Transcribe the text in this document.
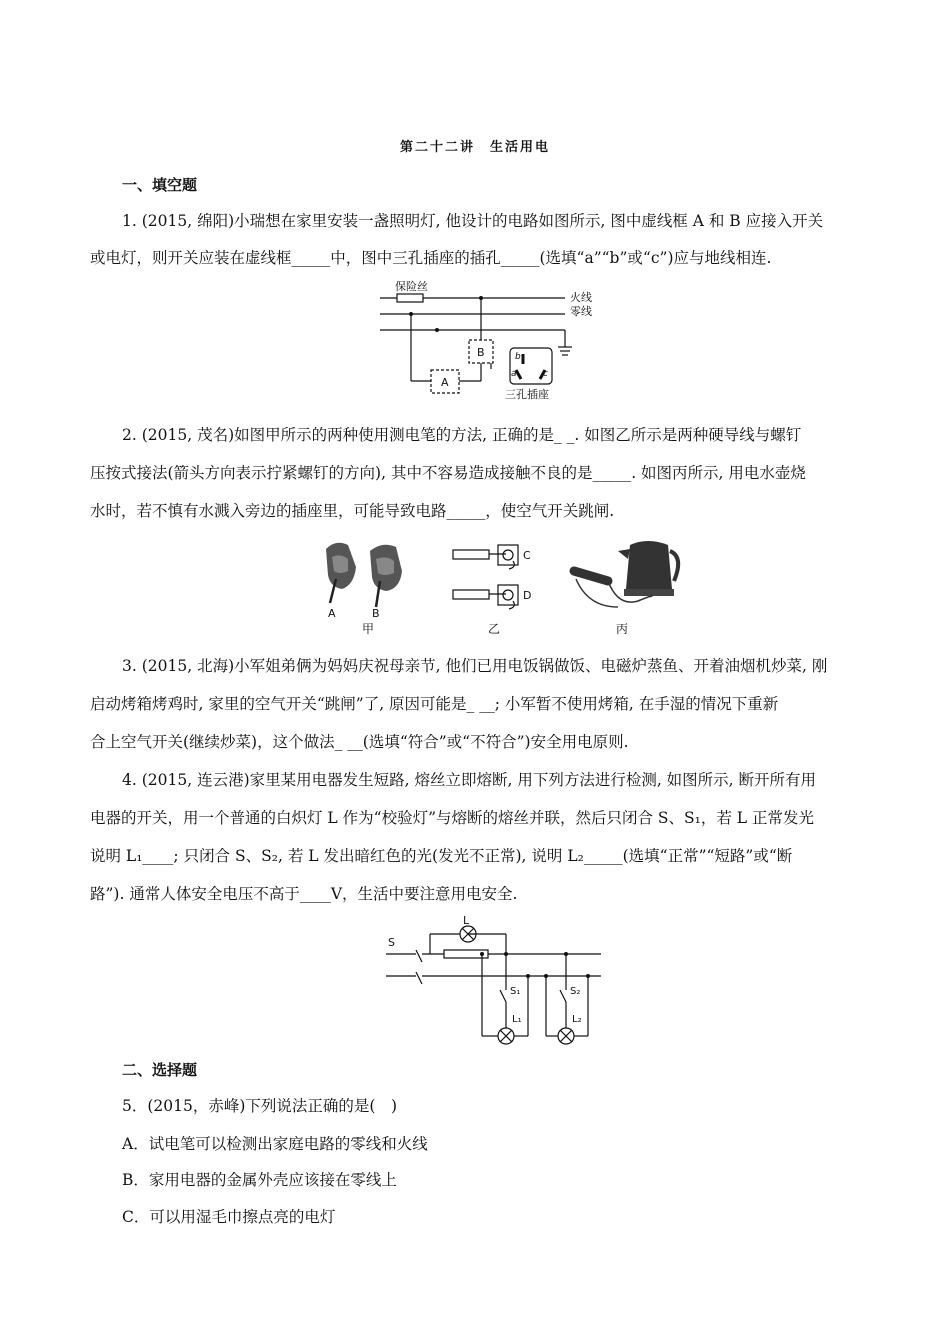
第二十二讲　生活用电
一、填空题
1. (2015, 绵阳)小瑞想在家里安装一盏照明灯, 他设计的电路如图所示, 图中虚线框 A 和 B 应接入开关
或电灯，则开关应装在虚线框_____中，图中三孔插座的插孔_____(选填“a”“b”或“c”)应与地线相连.
保险丝
火线
零线
A
B	b
a	c
三孔插座
2. (2015, 茂名)如图甲所示的两种使用测电笔的方法, 正确的是_ _. 如图乙所示是两种硬导线与螺钉
压按式接法(箭头方向表示拧紧螺钉的方向), 其中不容易造成接触不良的是_____. 如图丙所示, 用电水壶烧
水时，若不慎有水溅入旁边的插座里，可能导致电路_____，使空气开关跳闸.
A	B
甲
C
D
乙	丙
3. (2015, 北海)小军姐弟俩为妈妈庆祝母亲节, 他们已用电饭锅做饭、电磁炉蒸鱼、开着油烟机炒菜, 刚
启动烤箱烤鸡时, 家里的空气开关“跳闸”了, 原因可能是_ __; 小军暂不使用烤箱, 在手湿的情况下重新
合上空气开关(继续炒菜)，这个做法_ __(选填“符合”或“不符合”)安全用电原则.
4. (2015, 连云港)家里某用电器发生短路, 熔丝立即熔断, 用下列方法进行检测, 如图所示, 断开所有用
电器的开关，用一个普通的白炽灯 L 作为“校验灯”与熔断的熔丝并联，然后只闭合 S、S₁，若 L 正常发光
说明 L₁____; 只闭合 S、S₂, 若 L 发出暗红色的光(发光不正常), 说明 L₂_____(选填“正常”“短路”或“断
路”). 通常人体安全电压不高于____V，生活中要注意用电安全.
L
S
S₁	S₂
L₁	L₂
二、选择题
5．(2015，赤峰)下列说法正确的是(　)
A．试电笔可以检测出家庭电路的零线和火线
B．家用电器的金属外壳应该接在零线上
C．可以用湿毛巾擦点亮的电灯
